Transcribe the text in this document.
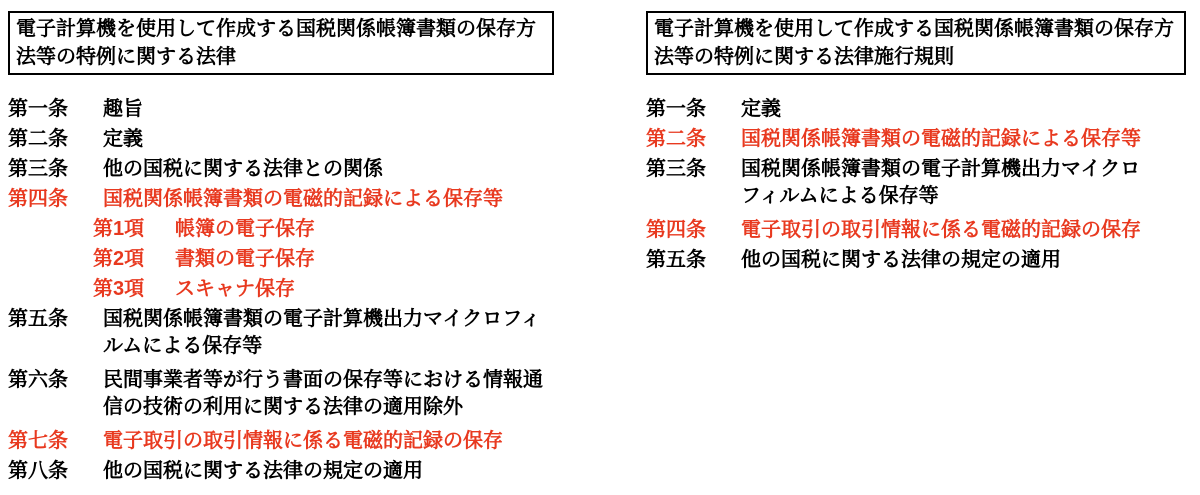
電子計算機を使用して作成する国税関係帳簿書類の保存方法等の特例に関する法律
第一条	趣旨
第二条	定義
第三条	他の国税に関する法律との関係
第四条	国税関係帳簿書類の電磁的記録による保存等
第1項	帳簿の電子保存
第2項	書類の電子保存
第3項	スキャナ保存
第五条	国税関係帳簿書類の電子計算機出力マイクロフィルムによる保存等
第六条	民間事業者等が行う書面の保存等における情報通信の技術の利用に関する法律の適用除外
第七条	電子取引の取引情報に係る電磁的記録の保存
第八条	他の国税に関する法律の規定の適用
電子計算機を使用して作成する国税関係帳簿書類の保存方法等の特例に関する法律施行規則
第一条	定義
第二条	国税関係帳簿書類の電磁的記録による保存等
第三条	国税関係帳簿書類の電子計算機出力マイクロフィルムによる保存等
第四条	電子取引の取引情報に係る電磁的記録の保存
第五条	他の国税に関する法律の規定の適用
